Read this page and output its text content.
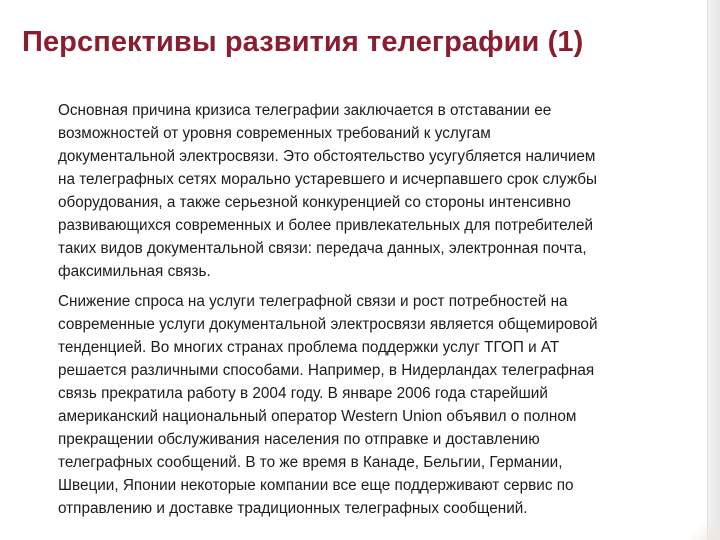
Перспективы развития телеграфии (1)

Основная причина кризиса телеграфии заключается в отставании ее
возможностей от уровня современных требований к услугам
документальной электросвязи. Это обстоятельство усугубляется наличием
на телеграфных сетях морально устаревшего и исчерпавшего срок службы
оборудования, а также серьезной конкуренцией со стороны интенсивно
развивающихся современных и более привлекательных для потребителей
таких видов документальной связи: передача данных, электронная почта,
факсимильная связь.

Снижение спроса на услуги телеграфной связи и рост потребностей на
современные услуги документальной электросвязи является общемировой
тенденцией. Во многих странах проблема поддержки услуг ТГОП и АТ
решается различными способами. Например, в Нидерландах телеграфная
связь прекратила работу в 2004 году. В январе 2006 года старейший
американский национальный оператор Western Union объявил о полном
прекращении обслуживания населения по отправке и доставлению
телеграфных сообщений. В то же время в Канаде, Бельгии, Германии,
Швеции, Японии некоторые компании все еще поддерживают сервис по
отправлению и доставке традиционных телеграфных сообщений.
